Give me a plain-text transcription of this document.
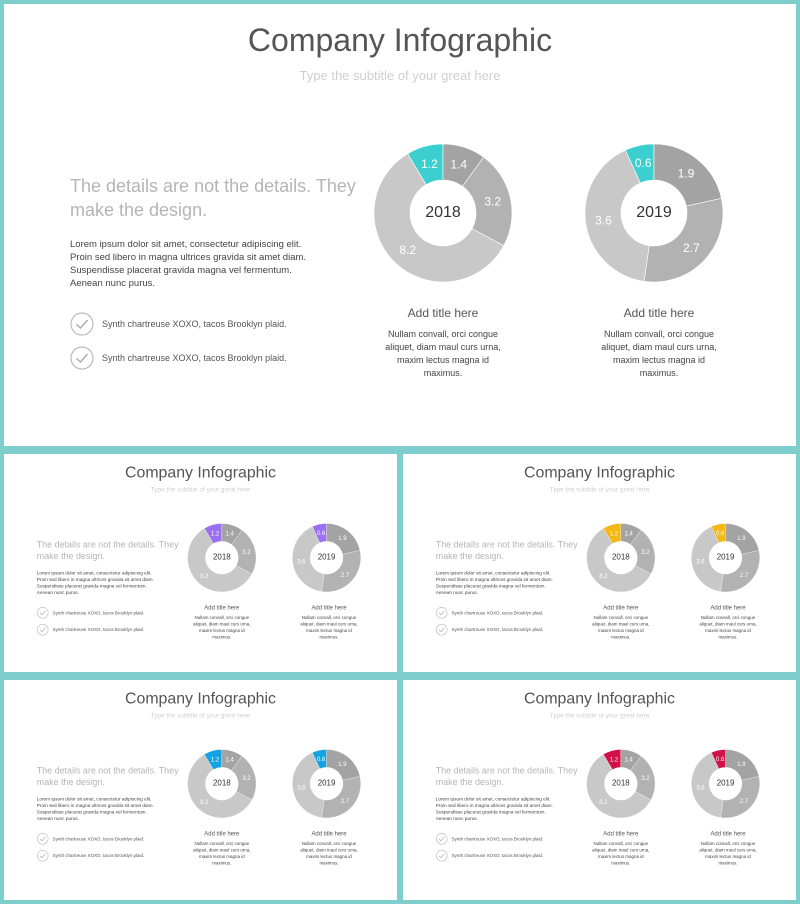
Company Infographic
Type the subtitle of your great here
The details are not the details. They make the design.
Lorem ipsum dolor sit amet, consectetur adipiscing elit. Proin sed libero in magna ultrices gravida sit amet diam. Suspendisse placerat gravida magna vel fermentum. Aenean nunc purus.
Synth chartreuse XOXO, tacos Brooklyn plaid.
Synth chartreuse XOXO, tacos Brooklyn plaid.
1.2
8.2
3.2
1.4
2018
0.6
3.6
2.7
1.9
2019
Add title here
Nullam convall, orci congue aliquet, diam maul curs urna, maxim lectus magna id maximus.
Add title here
Nullam convall, orci congue aliquet, diam maul curs urna, maxim lectus magna id maximus.
Company Infographic
Type the subtitle of your great here
The details are not the details. They make the design.
Lorem ipsum dolor sit amet, consectetur adipiscing elit. Proin sed libero in magna ultrices gravida sit amet diam. Suspendisse placerat gravida magna vel fermentum. Aenean nunc purus.
Synth chartreuse XOXO, tacos Brooklyn plaid.
Synth chartreuse XOXO, tacos Brooklyn plaid.
1.2
8.2
3.2
1.4
2018
0.6
3.6
2.7
1.9
2019
Add title here
Nullam convall, orci congue aliquet, diam maul curs urna, maxim lectus magna id maximus.
Add title here
Nullam convall, orci congue aliquet, diam maul curs urna, maxim lectus magna id maximus.
Company Infographic
Type the subtitle of your great here
The details are not the details. They make the design.
Lorem ipsum dolor sit amet, consectetur adipiscing elit. Proin sed libero in magna ultrices gravida sit amet diam. Suspendisse placerat gravida magna vel fermentum. Aenean nunc purus.
Synth chartreuse XOXO, tacos Brooklyn plaid.
Synth chartreuse XOXO, tacos Brooklyn plaid.
1.2
8.2
3.2
1.4
2018
0.6
3.6
2.7
1.9
2019
Add title here
Nullam convall, orci congue aliquet, diam maul curs urna, maxim lectus magna id maximus.
Add title here
Nullam convall, orci congue aliquet, diam maul curs urna, maxim lectus magna id maximus.
Company Infographic
Type the subtitle of your great here
The details are not the details. They make the design.
Lorem ipsum dolor sit amet, consectetur adipiscing elit. Proin sed libero in magna ultrices gravida sit amet diam. Suspendisse placerat gravida magna vel fermentum. Aenean nunc purus.
Synth chartreuse XOXO, tacos Brooklyn plaid.
Synth chartreuse XOXO, tacos Brooklyn plaid.
1.2
8.2
3.2
1.4
2018
0.6
3.6
2.7
1.9
2019
Add title here
Nullam convall, orci congue aliquet, diam maul curs urna, maxim lectus magna id maximus.
Add title here
Nullam convall, orci congue aliquet, diam maul curs urna, maxim lectus magna id maximus.
Company Infographic
Type the subtitle of your great here
The details are not the details. They make the design.
Lorem ipsum dolor sit amet, consectetur adipiscing elit. Proin sed libero in magna ultrices gravida sit amet diam. Suspendisse placerat gravida magna vel fermentum. Aenean nunc purus.
Synth chartreuse XOXO, tacos Brooklyn plaid.
Synth chartreuse XOXO, tacos Brooklyn plaid.
1.2
8.2
3.2
1.4
2018
0.6
3.6
2.7
1.9
2019
Add title here
Nullam convall, orci congue aliquet, diam maul curs urna, maxim lectus magna id maximus.
Add title here
Nullam convall, orci congue aliquet, diam maul curs urna, maxim lectus magna id maximus.
